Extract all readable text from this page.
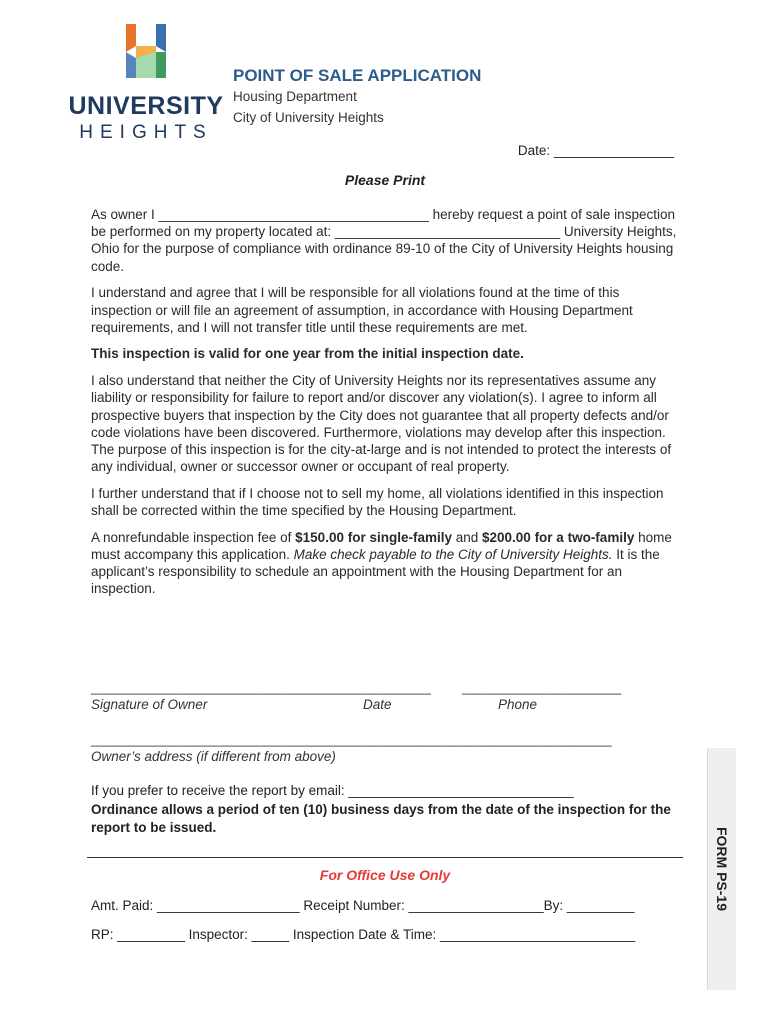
UNIVERSITY
HEIGHTS
POINT OF SALE APPLICATION
Housing Department
City of University Heights
Date: ________________
Please Print

As owner I ____________________________________ hereby request a point of sale inspection be performed on my property located at: ______________________________ University Heights, Ohio for the purpose of compliance with ordinance 89-10 of the City of University Heights housing code.

I understand and agree that I will be responsible for all violations found at the time of this inspection or will file an agreement of assumption, in accordance with Housing Department requirements, and I will not transfer title until these requirements are met.

This inspection is valid for one year from the initial inspection date.

I also understand that neither the City of University Heights nor its representatives assume any liability or responsibility for failure to report and/or discover any violation(s). I agree to inform all prospective buyers that inspection by the City does not guarantee that all property defects and/or code violations have been discovered. Furthermore, violations may develop after this inspection. The purpose of this inspection is for the city-at-large and is not intended to protect the interests of any individual, owner or successor owner or occupant of real property.

I further understand that if I choose not to sell my home, all violations identified in this inspection shall be corrected within the time specified by the Housing Department.

A nonrefundable inspection fee of $150.00 for single-family and $200.00 for a two-family home must accompany this application. Make check payable to the City of University Heights. It is the applicant’s responsibility to schedule an appointment with the Housing Department for an inspection.

_______________________________________________ ______________________
Signature of Owner	Date	Phone
________________________________________________________________________
Owner’s address (if different from above)
If you prefer to receive the report by email: ______________________________
Ordinance allows a period of ten (10) business days from the date of the inspection for the report to be issued.
For Office Use Only
Amt. Paid: ___________________ Receipt Number: __________________By: _________
RP: _________ Inspector: _____ Inspection Date & Time: __________________________
FORM PS-19
